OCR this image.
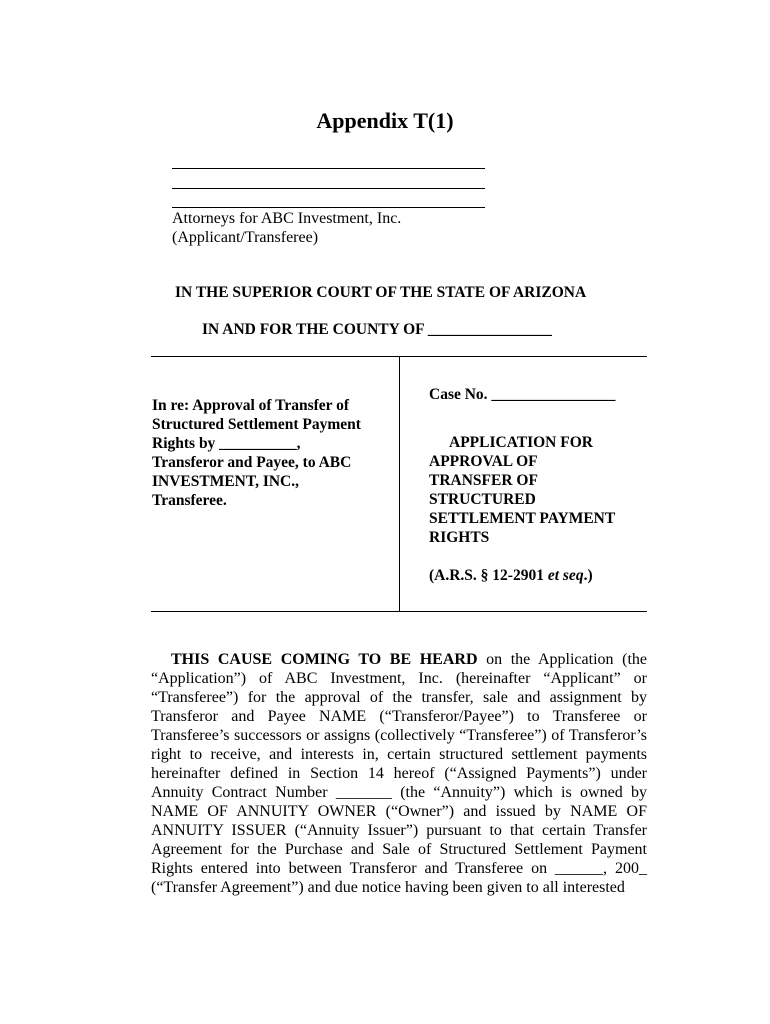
Appendix T(1)
Attorneys for ABC Investment, Inc.
(Applicant/Transferee)
IN THE SUPERIOR COURT OF THE STATE OF ARIZONA
IN AND FOR THE COUNTY OF ________________
In re: Approval of Transfer of
Structured Settlement Payment
Rights by __________,
Transferor and Payee, to ABC
INVESTMENT, INC.,
Transferee.
Case No. ________________
APPLICATION FOR
APPROVAL OF
TRANSFER OF
STRUCTURED
SETTLEMENT PAYMENT
RIGHTS
(A.R.S. § 12-2901 et seq.)
THIS CAUSE COMING TO BE HEARD on the Application (the “Application”) of ABC Investment, Inc. (hereinafter “Applicant” or “Transferee”) for the approval of the transfer, sale and assignment by Transferor and Payee NAME (“Transferor/Payee”) to Transferee or Transferee’s successors or assigns (collectively “Transferee”) of Transferor’s right to receive, and interests in, certain structured settlement payments hereinafter defined in Section 14 hereof (“Assigned Payments”) under Annuity Contract Number _______ (the “Annuity”) which is owned by NAME OF ANNUITY OWNER (“Owner”) and issued by NAME OF ANNUITY ISSUER (“Annuity Issuer”) pursuant to that certain Transfer Agreement for the Purchase and Sale of Structured Settlement Payment Rights entered into between Transferor and Transferee on ______, 200_ (“Transfer Agreement”) and due notice having been given to all interested
